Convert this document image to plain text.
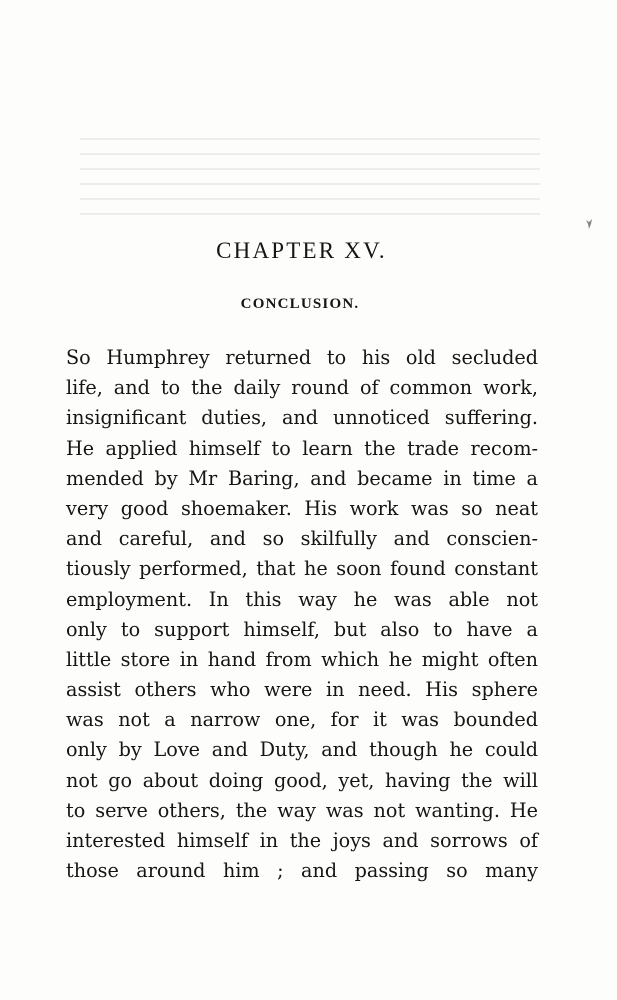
CHAPTER XV.
CONCLUSION.
So Humphrey returned to his old secluded
life, and to the daily round of common work,
insignificant duties, and unnoticed suffering.
He applied himself to learn the trade recom-
mended by Mr Baring, and became in time a
very good shoemaker. His work was so neat
and careful, and so skilfully and conscien-
tiously performed, that he soon found constant
employment. In this way he was able not
only to support himself, but also to have a
little store in hand from which he might often
assist others who were in need. His sphere
was not a narrow one, for it was bounded
only by Love and Duty, and though he could
not go about doing good, yet, having the will
to serve others, the way was not wanting. He
interested himself in the joys and sorrows of
those around him ; and passing so many
